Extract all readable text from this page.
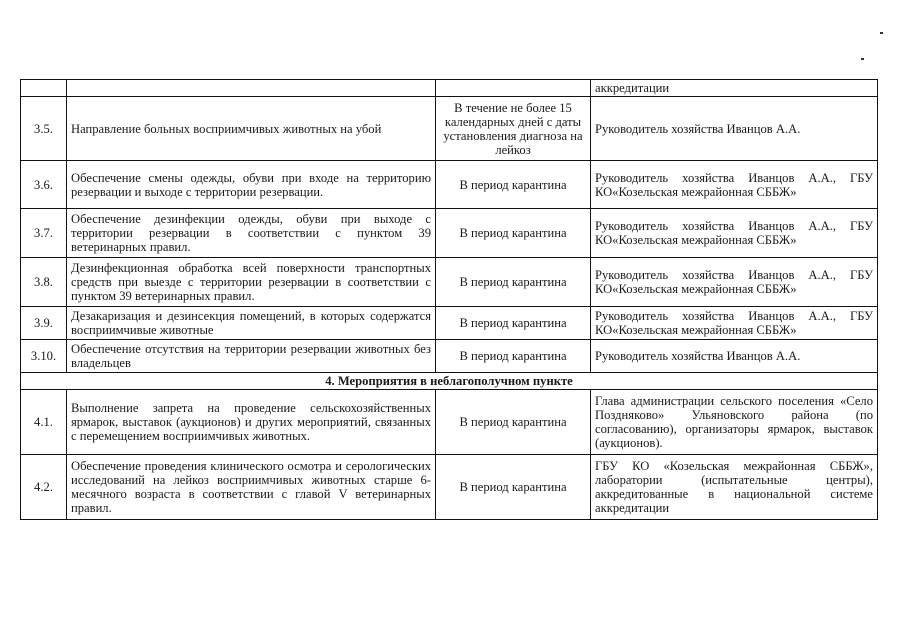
			аккредитации
3.5.	Направление больных восприимчивых животных на убой	В течение не более 15 календарных дней с даты установления диагноза на лейкоз	Руководитель хозяйства Иванцов А.А.
3.6.	Обеспечение смены одежды, обуви при входе на территорию резервации и выходе с территории резервации.	В период карантина	Руководитель хозяйства Иванцов А.А., ГБУ КО«Козельская межрайонная СББЖ»
3.7.	Обеспечение дезинфекции одежды, обуви при выходе с территории резервации в соответствии с пунктом 39 ветеринарных правил.	В период карантина	Руководитель хозяйства Иванцов А.А., ГБУ КО«Козельская межрайонная СББЖ»
3.8.	Дезинфекционная обработка всей поверхности транспортных средств при выезде с территории резервации в соответствии с пунктом 39 ветеринарных правил.	В период карантина	Руководитель хозяйства Иванцов А.А., ГБУ КО«Козельская межрайонная СББЖ»
3.9.	Дезакаризация и дезинсекция помещений, в которых содержатся восприимчивые животные	В период карантина	Руководитель хозяйства Иванцов А.А., ГБУ КО«Козельская межрайонная СББЖ»
3.10.	Обеспечение отсутствия на территории резервации животных без владельцев	В период карантина	Руководитель хозяйства Иванцов А.А.
4. Мероприятия в неблагополучном пункте			
4.1.	Выполнение запрета на проведение сельскохозяйственных ярмарок, выставок (аукционов) и других мероприятий, связанных с перемещением восприимчивых животных.	В период карантина	Глава администрации сельского поселения «Село Поздняково» Ульяновского района (по согласованию), организаторы ярмарок, выставок (аукционов).
4.2.	Обеспечение проведения клинического осмотра и серологических исследований на лейкоз восприимчивых животных старше 6-месячного возраста в соответствии с главой V ветеринарных правил.	В период карантина	ГБУ КО «Козельская межрайонная СББЖ», лаборатории (испытательные центры), аккредитованные в национальной системе аккредитации
